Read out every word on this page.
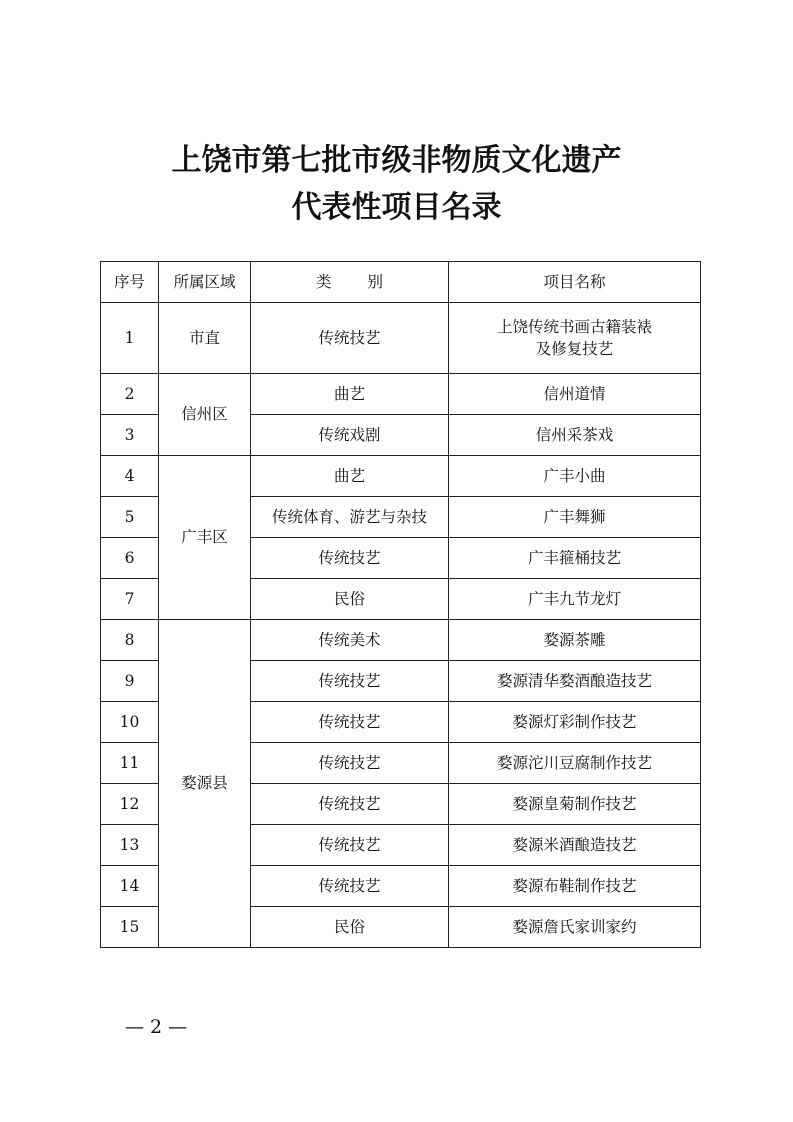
上饶市第七批市级非物质文化遗产
代表性项目名录
序号	所属区域	类 别	项目名称
1	市直	传统技艺	上饶传统书画古籍装裱及修复技艺
2	信州区	曲艺	信州道情
3		传统戏剧	信州采茶戏
4	广丰区	曲艺	广丰小曲
5		传统体育、游艺与杂技	广丰舞狮
6		传统技艺	广丰箍桶技艺
7		民俗	广丰九节龙灯
8	婺源县	传统美术	婺源茶雕
9		传统技艺	婺源清华婺酒酿造技艺
10		传统技艺	婺源灯彩制作技艺
11		传统技艺	婺源沱川豆腐制作技艺
12		传统技艺	婺源皇菊制作技艺
13		传统技艺	婺源米酒酿造技艺
14		传统技艺	婺源布鞋制作技艺
15		民俗	婺源詹氏家训家约
— 2 —
